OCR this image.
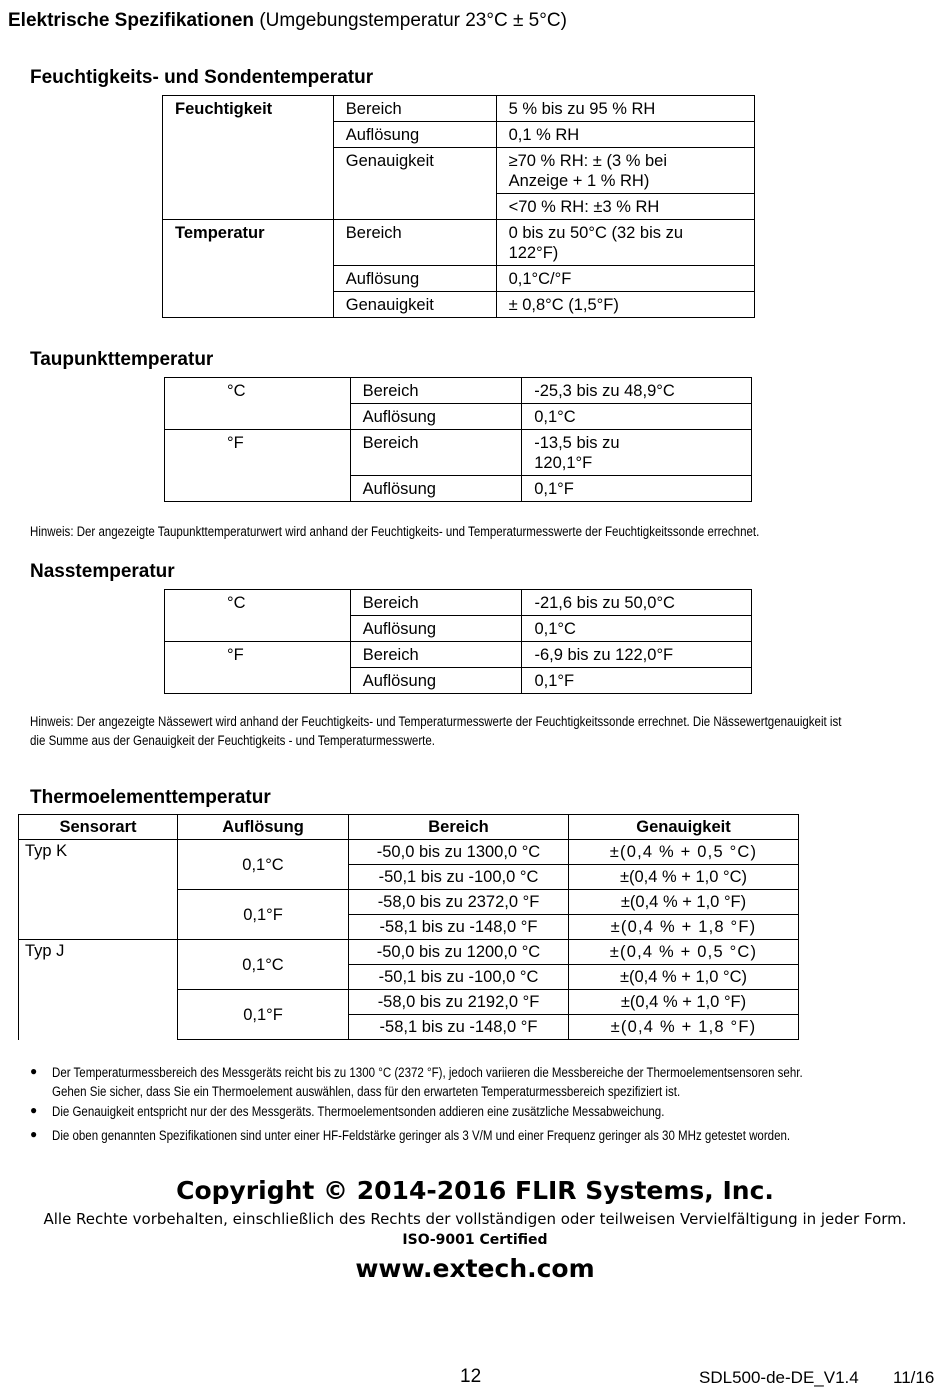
Elektrische Spezifikationen (Umgebungstemperatur 23°C ± 5°C)
Feuchtigkeits- und Sondentemperatur
Feuchtigkeit	Bereich	5 % bis zu 95 % RH
	Auflösung	0,1 % RH
	Genauigkeit	≥70 % RH: ± (3 % bei Anzeige + 1 % RH)
		<70 % RH: ±3 % RH
Temperatur	Bereich	0 bis zu 50°C (32 bis zu 122°F)
	Auflösung	0,1°C/°F
	Genauigkeit	± 0,8°C (1,5°F)
Taupunkttemperatur
°C	Bereich	-25,3 bis zu 48,9°C
	Auflösung	0,1°C
°F	Bereich	-13,5 bis zu 120,1°F
	Auflösung	0,1°F
Hinweis: Der angezeigte Taupunkttemperaturwert wird anhand der Feuchtigkeits- und Temperaturmesswerte der Feuchtigkeitssonde errechnet.
Nasstemperatur
°C	Bereich	-21,6 bis zu 50,0°C
	Auflösung	0,1°C
°F	Bereich	-6,9 bis zu 122,0°F
	Auflösung	0,1°F
Hinweis: Der angezeigte Nässewert wird anhand der Feuchtigkeits- und Temperaturmesswerte der Feuchtigkeitssonde errechnet. Die Nässewertgenauigkeit ist
die Summe aus der Genauigkeit der Feuchtigkeits - und Temperaturmesswerte.
Thermoelementtemperatur
Sensorart	Auflösung	Bereich	Genauigkeit
Typ K	0,1°C	-50,0 bis zu 1300,0 °C	±(0,4 % + 0,5 °C)
		-50,1 bis zu -100,0 °C	±(0,4 % + 1,0 °C)
	0,1°F	-58,0 bis zu 2372,0 °F	±(0,4 % + 1,0 °F)
		-58,1 bis zu -148,0 °F	±(0,4 % + 1,8 °F)
Typ J	0,1°C	-50,0 bis zu 1200,0 °C	±(0,4 % + 0,5 °C)
		-50,1 bis zu -100,0 °C	±(0,4 % + 1,0 °C)
	0,1°F	-58,0 bis zu 2192,0 °F	±(0,4 % + 1,0 °F)
		-58,1 bis zu -148,0 °F	±(0,4 % + 1,8 °F)
● Der Temperaturmessbereich des Messgeräts reicht bis zu 1300 °C (2372 °F), jedoch variieren die Messbereiche der Thermoelementsensoren sehr.
Gehen Sie sicher, dass Sie ein Thermoelement auswählen, dass für den erwarteten Temperaturmessbereich spezifiziert ist.
● Die Genauigkeit entspricht nur der des Messgeräts. Thermoelementsonden addieren eine zusätzliche Messabweichung.
● Die oben genannten Spezifikationen sind unter einer HF-Feldstärke geringer als 3 V/M und einer Frequenz geringer als 30 MHz getestet worden.
Copyright © 2014-2016 FLIR Systems, Inc.
Alle Rechte vorbehalten, einschließlich des Rechts der vollständigen oder teilweisen Vervielfältigung in jeder Form.
ISO-9001 Certified
www.extech.com
12	SDL500-de-DE_V1.4 11/16
